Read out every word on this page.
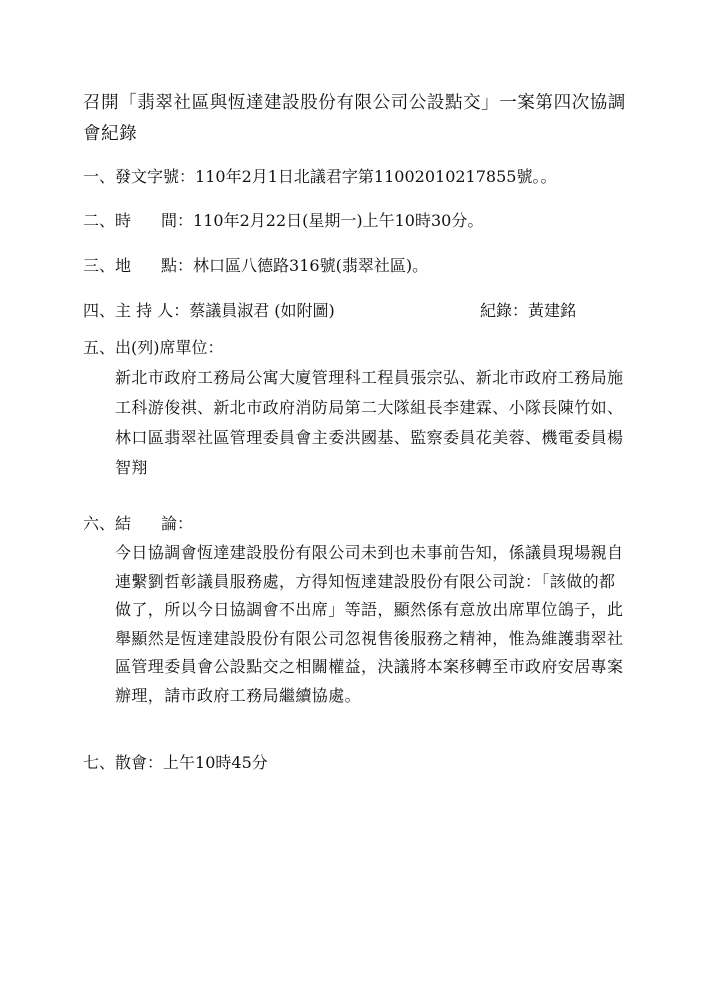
召開「翡翠社區與恆達建設股份有限公司公設點交」一案第四次協調會紀錄
一、發文字號：110年2月1日北議君字第11002010217855號。。
二、時 間：110年2月22日(星期一)上午10時30分。
三、地 點：林口區八德路316號(翡翠社區)。
四、主 持 人：蔡議員淑君 (如附圖)	紀錄：黃建銘
五、出(列)席單位：
新北市政府工務局公寓大廈管理科工程員張宗弘、新北市政府工務局施
工科游俊祺、新北市政府消防局第二大隊組長李建霖、小隊長陳竹如、
林口區翡翠社區管理委員會主委洪國基、監察委員花美蓉、機電委員楊
智翔
六、結 論：
今日協調會恆達建設股份有限公司未到也未事前告知，係議員現場親自
連繫劉哲彰議員服務處，方得知恆達建設股份有限公司說：「該做的都
做了，所以今日協調會不出席」等語，顯然係有意放出席單位鴿子，此
舉顯然是恆達建設股份有限公司忽視售後服務之精神，惟為維護翡翠社
區管理委員會公設點交之相關權益，決議將本案移轉至市政府安居專案
辦理，請市政府工務局繼續協處。
七、散會：上午10時45分
